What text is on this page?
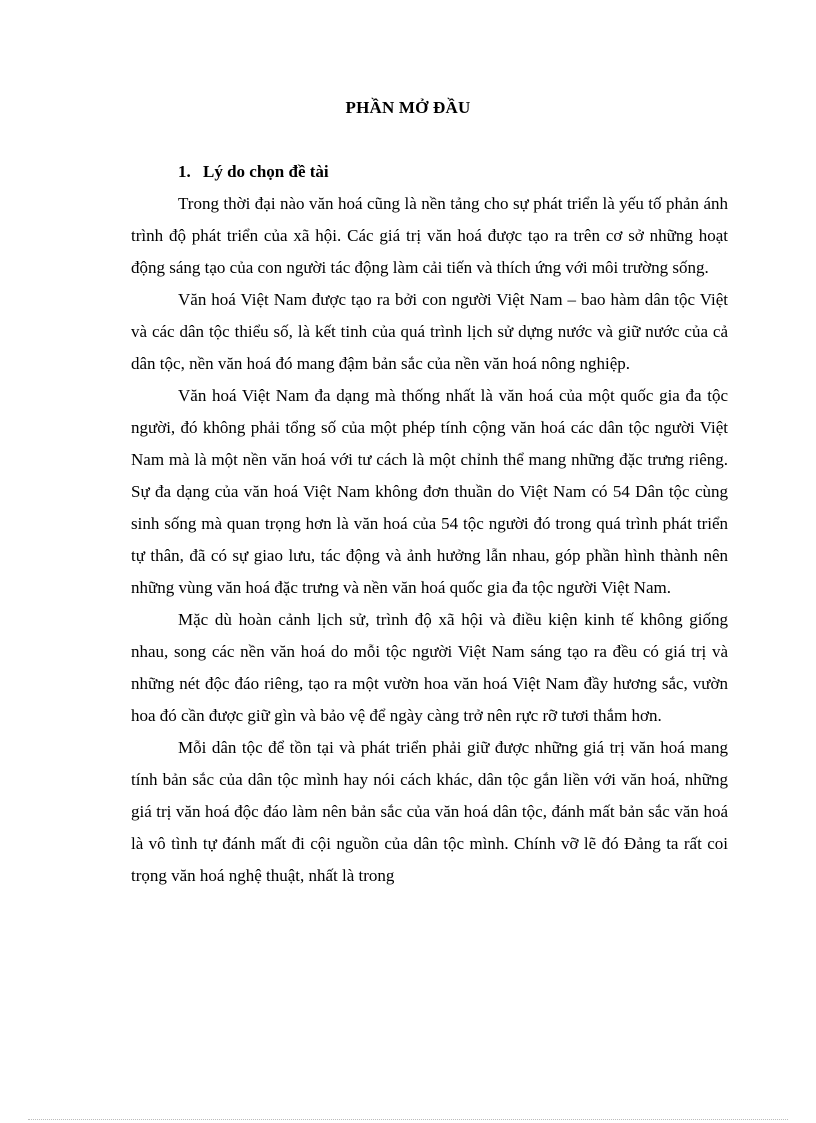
PHẦN MỞ ĐẦU

1. Lý do chọn đề tài

Trong thời đại nào văn hoá cũng là nền tảng cho sự phát triển là yếu tố phản ánh trình độ phát triển của xã hội. Các giá trị văn hoá được tạo ra trên cơ sở những hoạt động sáng tạo của con người tác động làm cải tiến và thích ứng với môi trường sống.

Văn hoá Việt Nam được tạo ra bởi con người Việt Nam – bao hàm dân tộc Việt và các dân tộc thiểu số, là kết tinh của quá trình lịch sử dựng nước và giữ nước của cả dân tộc, nền văn hoá đó mang đậm bản sắc của nền văn hoá nông nghiệp.

Văn hoá Việt Nam đa dạng mà thống nhất là văn hoá của một quốc gia đa tộc người, đó không phải tổng số của một phép tính cộng văn hoá các dân tộc người Việt Nam mà là một nền văn hoá với tư cách là một chỉnh thể mang những đặc trưng riêng. Sự đa dạng của văn hoá Việt Nam không đơn thuần do Việt Nam có 54 Dân tộc cùng sinh sống mà quan trọng hơn là văn hoá của 54 tộc người đó trong quá trình phát triển tự thân, đã có sự giao lưu, tác động và ảnh hưởng lẫn nhau, góp phần hình thành nên những vùng văn hoá đặc trưng và nền văn hoá quốc gia đa tộc người Việt Nam.

Mặc dù hoàn cảnh lịch sử, trình độ xã hội và điều kiện kinh tế không giống nhau, song các nền văn hoá do mỗi tộc người Việt Nam sáng tạo ra đều có giá trị và những nét độc đáo riêng, tạo ra một vườn hoa văn hoá Việt Nam đầy hương sắc, vườn hoa đó cần được giữ gìn và bảo vệ để ngày càng trở nên rực rỡ tươi thắm hơn.

Mỗi dân tộc để tồn tại và phát triển phải giữ được những giá trị văn hoá mang tính bản sắc của dân tộc mình hay nói cách khác, dân tộc gắn liền với văn hoá, những giá trị văn hoá độc đáo làm nên bản sắc của văn hoá dân tộc, đánh mất bản sắc văn hoá là vô tình tự đánh mất đi cội nguồn của dân tộc mình. Chính vỡ lẽ đó Đảng ta rất coi trọng văn hoá nghệ thuật, nhất là trong
